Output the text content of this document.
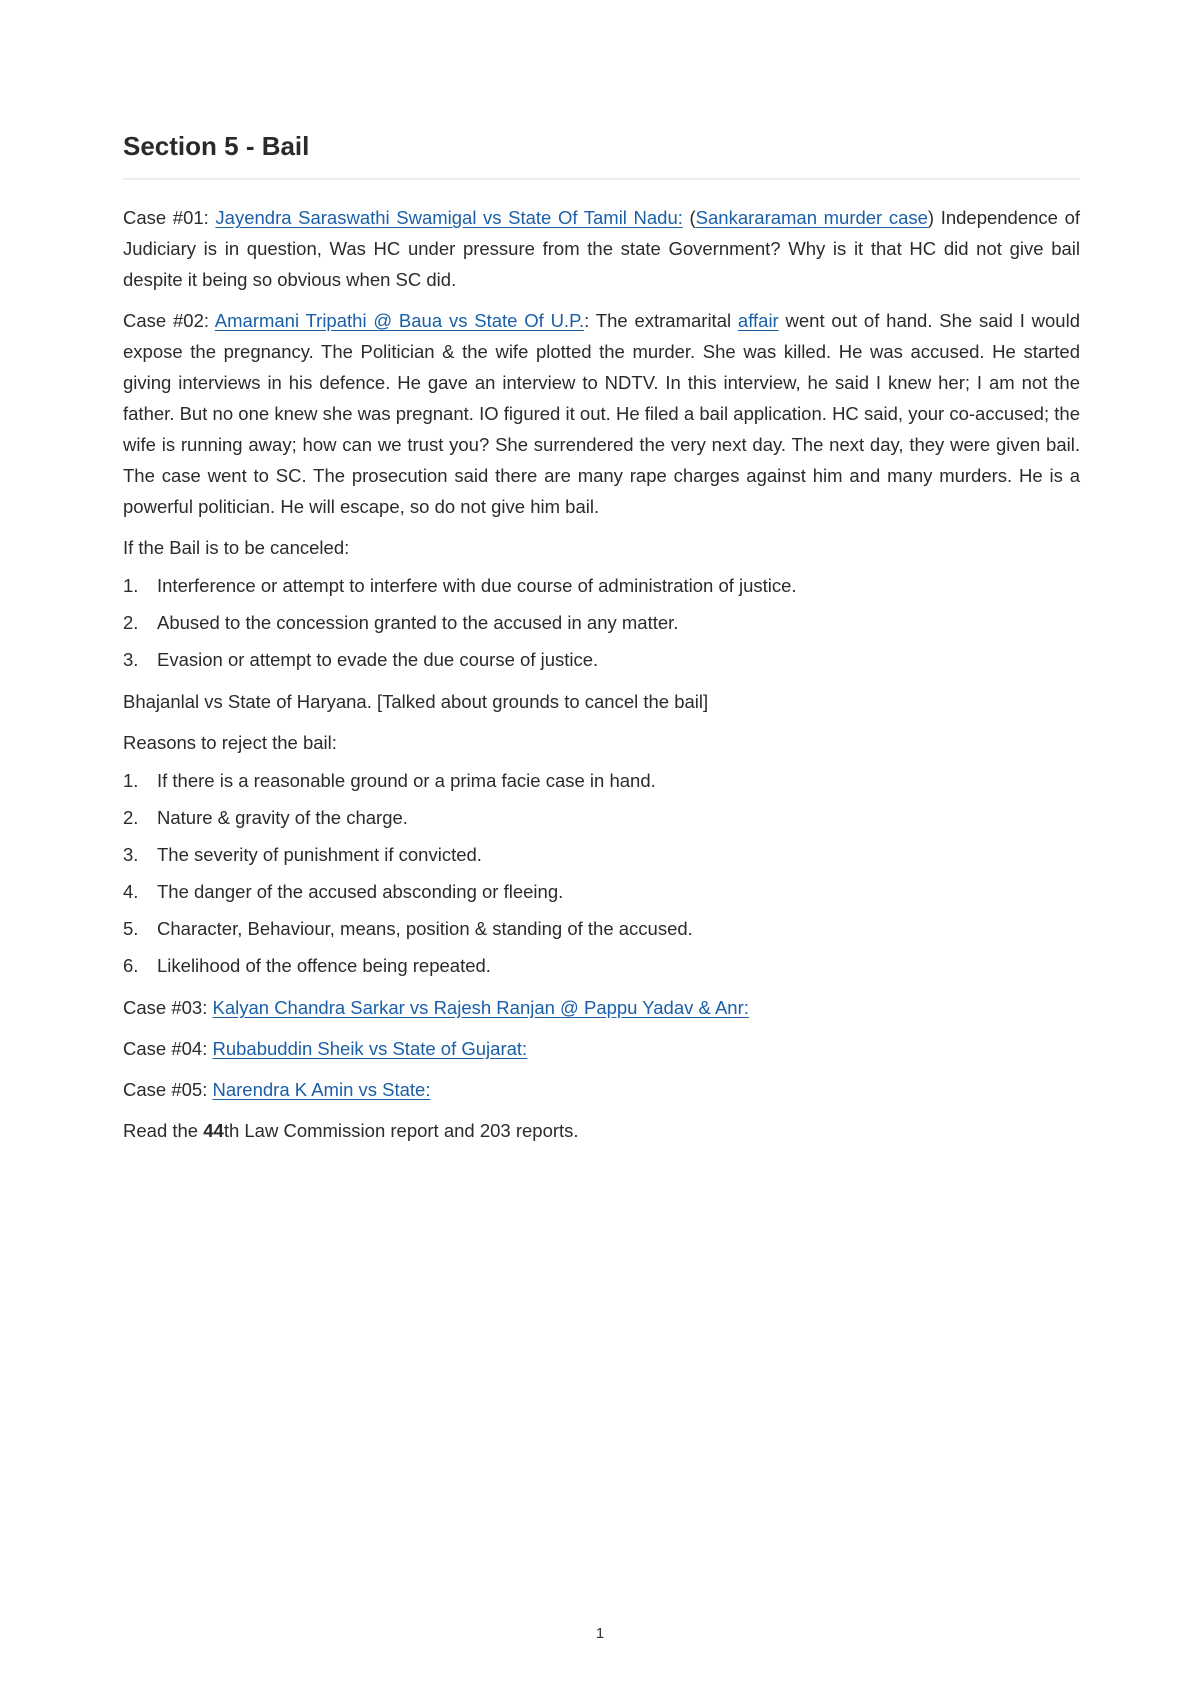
Section 5 - Bail

Case #01: Jayendra Saraswathi Swamigal vs State Of Tamil Nadu: (Sankararaman murder case) Independence of Judiciary is in question, Was HC under pressure from the state Government? Why is it that HC did not give bail despite it being so obvious when SC did.

Case #02: Amarmani Tripathi @ Baua vs State Of U.P.: The extramarital affair went out of hand. She said I would expose the pregnancy. The Politician & the wife plotted the murder. She was killed. He was accused. He started giving interviews in his defence. He gave an interview to NDTV. In this interview, he said I knew her; I am not the father. But no one knew she was pregnant. IO figured it out. He filed a bail application. HC said, your co-accused; the wife is running away; how can we trust you? She surrendered the very next day. The next day, they were given bail. The case went to SC. The prosecution said there are many rape charges against him and many murders. He is a powerful politician. He will escape, so do not give him bail.

If the Bail is to be canceled:

1.	Interference or attempt to interfere with due course of administration of justice.
2.	Abused to the concession granted to the accused in any matter.
3.	Evasion or attempt to evade the due course of justice.

Bhajanlal vs State of Haryana. [Talked about grounds to cancel the bail]

Reasons to reject the bail:

1.	If there is a reasonable ground or a prima facie case in hand.
2.	Nature & gravity of the charge.
3.	The severity of punishment if convicted.
4.	The danger of the accused absconding or fleeing.
5.	Character, Behaviour, means, position & standing of the accused.
6.	Likelihood of the offence being repeated.

Case #03: Kalyan Chandra Sarkar vs Rajesh Ranjan @ Pappu Yadav & Anr:

Case #04: Rubabuddin Sheik vs State of Gujarat:

Case #05: Narendra K Amin vs State:

Read the 44th Law Commission report and 203 reports.

1
